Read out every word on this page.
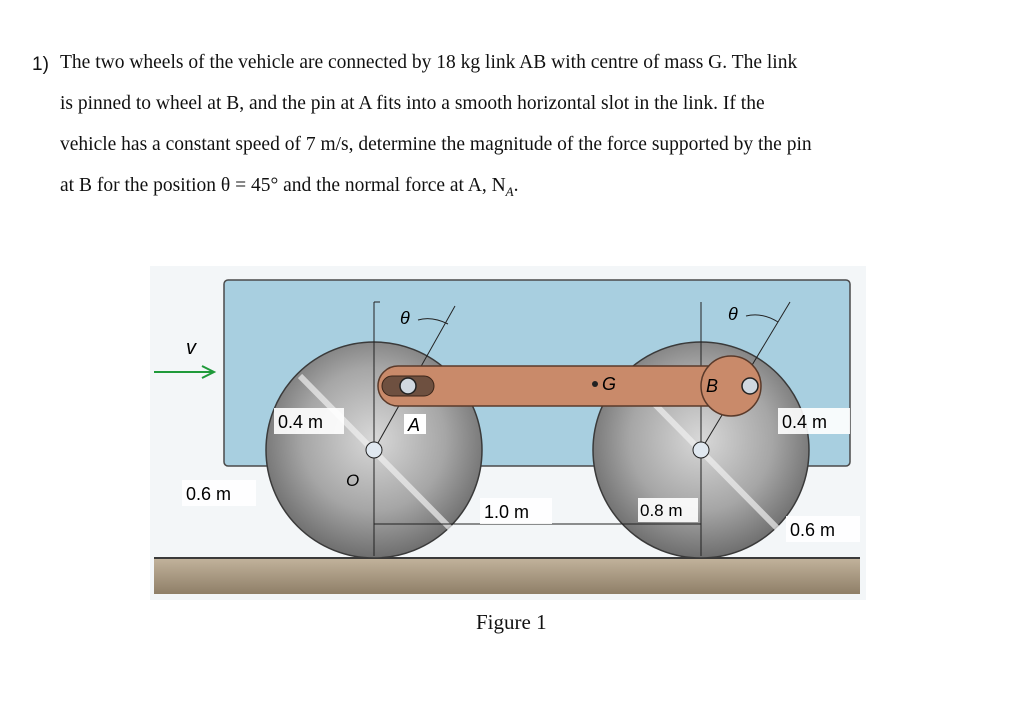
1) The two wheels of the vehicle are connected by 18 kg link AB with centre of mass G. The link
is pinned to wheel at B, and the pin at A fits into a smooth horizontal slot in the link. If the
vehicle has a constant speed of 7 m/s, determine the magnitude of the force supported by the pin
at B for the position θ = 45° and the normal force at A, $N_A$.
θ	θ
G	B
A
O
0.4 m
0.6 m
0.4 m
0.6 m
1.0 m	0.8 m
v
Figure 1
